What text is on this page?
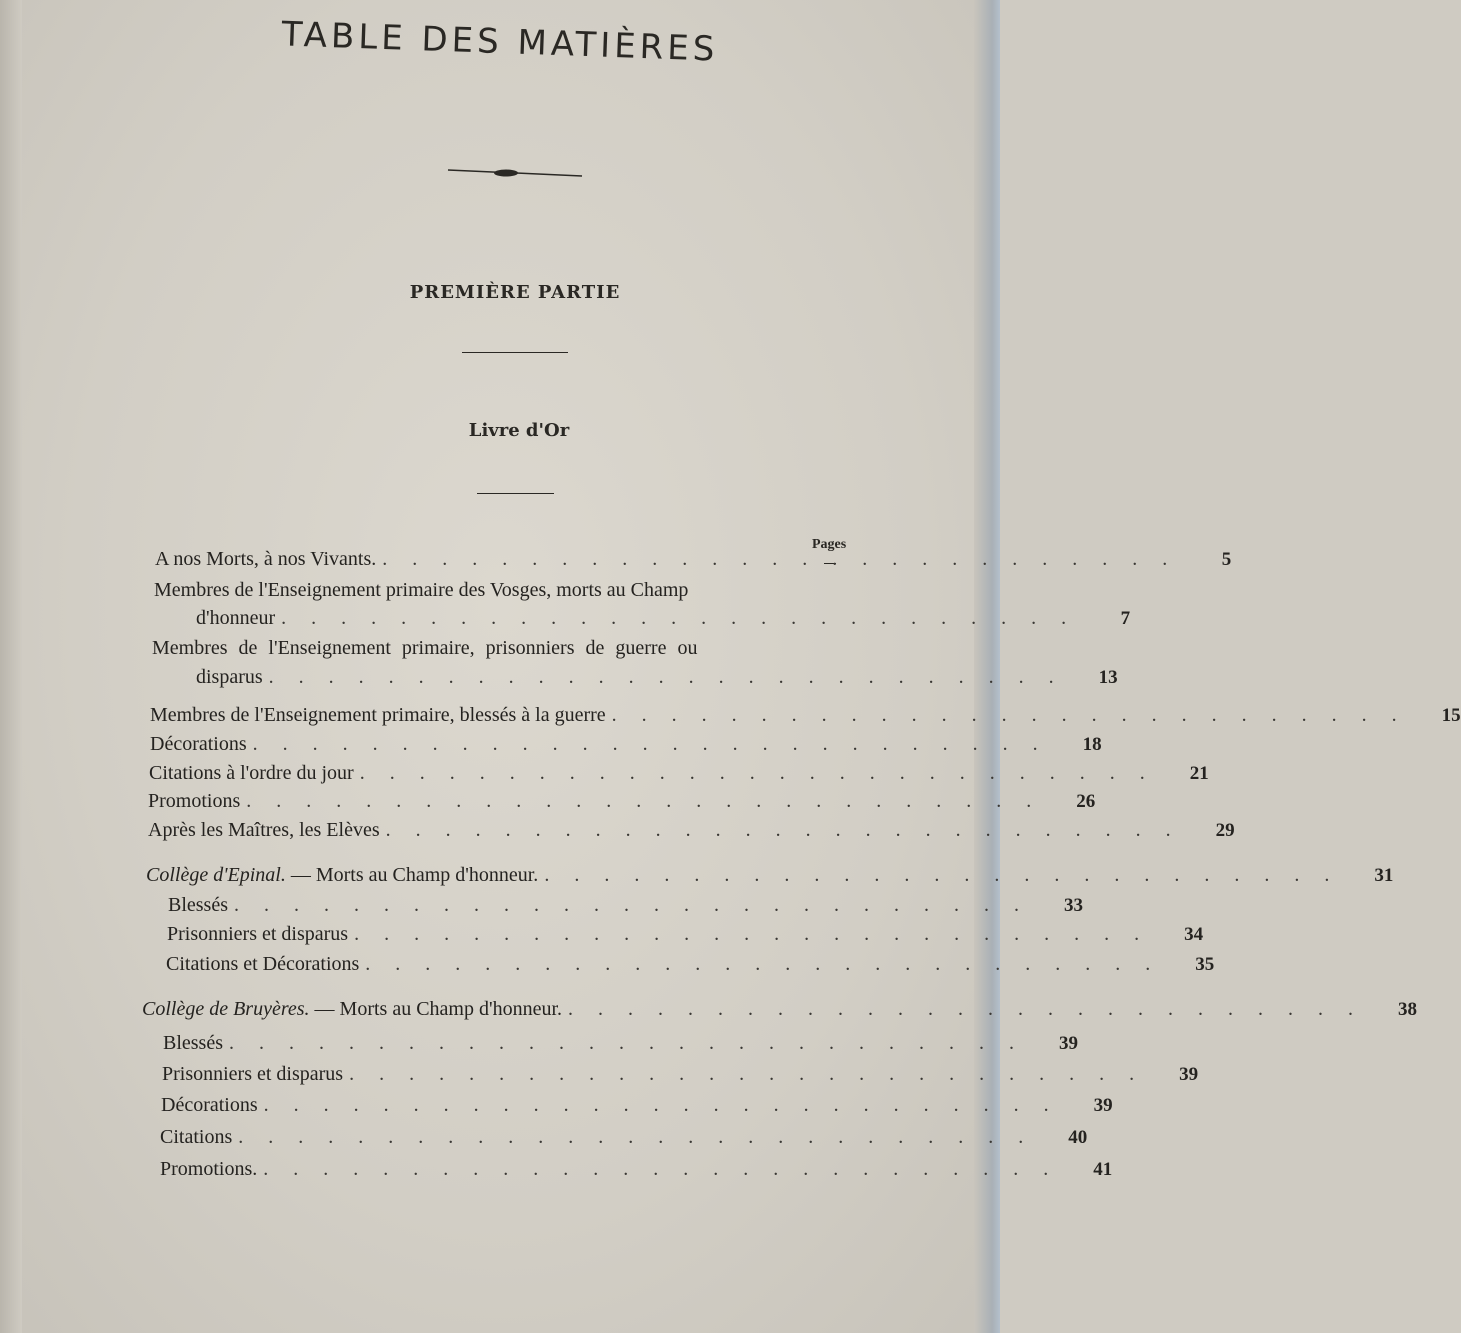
TABLE DES MATIÈRES
PREMIÈRE PARTIE
Livre d'Or
Pages
A nos Morts, à nos Vivants. . . . . . . . . . . . . . . . . . . . . . . . . . . .	5
Membres de l'Enseignement primaire des Vosges, morts au Champ
d'honneur . . . . . . . . . . . . . . . . . . . . . . . . . . .	7
Membres de l'Enseignement primaire, prisonniers de guerre ou
disparus . . . . . . . . . . . . . . . . . . . . . . . . . . .	13
Membres de l'Enseignement primaire, blessés à la guerre . . . . . . . . . . . . . . . . . . . . . . . . . . .	15
Décorations . . . . . . . . . . . . . . . . . . . . . . . . . . .	18
Citations à l'ordre du jour . . . . . . . . . . . . . . . . . . . . . . . . . . .	21
Promotions . . . . . . . . . . . . . . . . . . . . . . . . . . .	26
Après les Maîtres, les Elèves . . . . . . . . . . . . . . . . . . . . . . . . . . .	29
Collège d'Epinal. — Morts au Champ d'honneur. . . . . . . . . . . . . . . . . . . . . . . . . . . .	31
Blessés . . . . . . . . . . . . . . . . . . . . . . . . . . .	33
Prisonniers et disparus . . . . . . . . . . . . . . . . . . . . . . . . . . .	34
Citations et Décorations . . . . . . . . . . . . . . . . . . . . . . . . . . .	35
Collège de Bruyères. — Morts au Champ d'honneur. . . . . . . . . . . . . . . . . . . . . . . . . . . .	38
Blessés . . . . . . . . . . . . . . . . . . . . . . . . . . .	39
Prisonniers et disparus . . . . . . . . . . . . . . . . . . . . . . . . . . .	39
Décorations . . . . . . . . . . . . . . . . . . . . . . . . . . .	39
Citations . . . . . . . . . . . . . . . . . . . . . . . . . . .	40
Promotions. . . . . . . . . . . . . . . . . . . . . . . . . . . .	41
